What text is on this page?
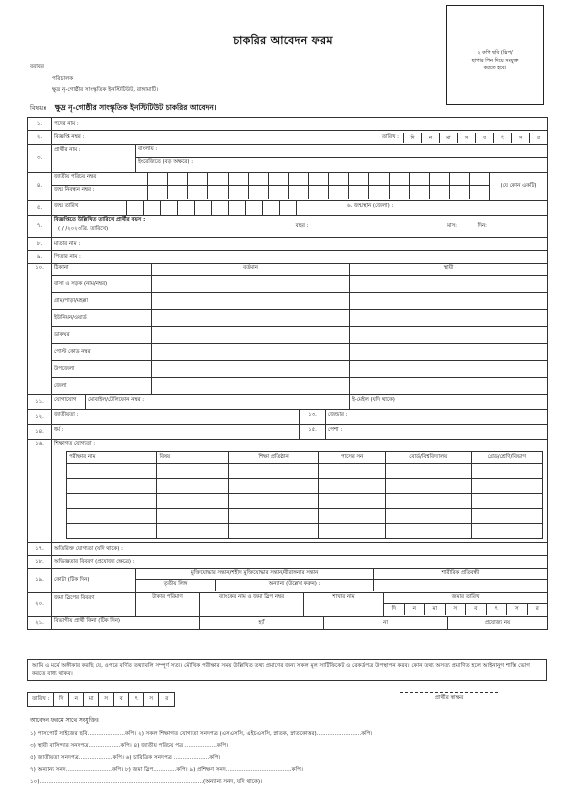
চাকরির আবেদন ফরম
২ কপি ছবি (স্লিপ/
ছাপার পিন দিয়ে সংযুক্ত
করতে হবে।
বরাবর
পরিচালক
ক্ষুদ্র নৃ-গোষ্ঠীর সাংস্কৃতিক ইনস্টিটিউট, রাঙ্গামাটি।
বিষয়ঃ ক্ষুদ্র নৃ-গোষ্ঠীর সাংস্কৃতিক ইনস্টিটিউট চাকরির আবেদন।
১.	পদের নাম :
২.	বিজ্ঞপ্তি নম্বর :	তারিখ :	দি	ন	মা	স	ব	ৎ	স	র

৩.	
প্রার্থীর নাম :	বাংলায় :
ইংরেজিতে (বড় অক্ষরে) :

৪.	
জাতীয় পরিচয় নম্বর
জন্ম নিবন্ধন নম্বর :
(যে কোন একটি)

৫.	জন্ম তারিখ	৬. জন্মস্থান (জেলা) :

৭.	
বিজ্ঞপ্তিতে উল্লিখিত তারিখে প্রার্থীর বয়স :
( / /২০২৩খ্রি. তারিখে)
বছর :	মাস:	দিন:

৮.	মাতার নাম :
৯.	পিতার নাম :
১০.	ঠিকানা
বাসা ও সড়ক (নাম/নম্বর)
গ্রাম/পাড়া/মহল্লা
ইউনিয়ন/ওয়ার্ড
ডাকঘর
পোস্ট কোড নম্বর
উপজেলা
জেলা
বর্তমান	স্থায়ী

১১.	যোগাযোগ	মোবাইল/টেলিফোন নম্বর :	ই-মেইল (যদি থাকে)

১২.	জাতীয়তা :	১৩.	জেন্ডার :

১৪.	ধর্ম :	১৫.	পেশা :

১৬.	শিক্ষাগত যোগ্যতা :
পরীক্ষার নাম	বিষয়	শিক্ষা প্রতিষ্ঠান	পাসের সন	বোর্ড/বিশ্ববিদ্যালয়	গ্রেড/শ্রেণি/বিভাগ

১৭.	অতিরিক্ত যোগ্যতা (যদি থাকে) :
১৮.	অভিজ্ঞতার বিবরণ (প্রযোজ্য ক্ষেত্রে) :
১৯.	কোটা (টিক দিন)
মুক্তিযোদ্ধার সন্তান/শহীদ মুক্তিযোদ্ধার সন্তান/বীরাঙ্গনার সন্তান	শারীরিক প্রতিবন্ধী
তৃতীয় লিঙ্গ	অন্যান্য (উল্লেখ করুন) :

২০.	
জমা স্লিপের বিবরণ	টাকার পরিমাণ	ব্যাংকের নাম ও জমা স্লিপ নম্বর	শাখার নাম	জমার তারিখ
দি	ন	মা	স	ব	ৎ	স	র

২১.	বিভাগীয় প্রার্থী কিনা (টিক দিন)	হ্যাঁ	না	প্রযোজ্য নয়
আমি এ মর্মে অঙ্গীকার করছি যে, ওপরে বর্ণিত তথ্যাবলি সম্পূর্ণ সত্য। মৌখিক পরীক্ষার সময় উল্লিখিত তথ্য প্রমাণের জন্য সকল মূল সার্টিফিকেট ও রেকর্ডপত্র উপস্থাপন করব। কোন তথ্য অসত্য প্রমাণিত হলে আইনানুগ শাস্তি ভোগ করতে বাধ্য থাকব।
তারিখ :	দি	ন	মা	স	ব	ৎ	স	র	প্রার্থীর স্বাক্ষর
আবেদন ফরমে সাথে সংযুক্তিঃ
১) পাসপোর্ট সাইজের ছবি.....................কপি। ২) সকল শিক্ষাগত যোগ্যতা সনদপত্র (এসএসসি, এইচএসসি, স্নাতক, স্নাতকোত্তর).........................কপি।
৩) স্থায়ী বাসিন্দার সনদপত্র..................কপি। ৪) জাতীয় পরিচয় পত্র ..................কপি।
৫) জাতীয়তা সনদপত্র...................কপি। ৬) চারিত্রিক সনদপত্র ....................কপি।
৭) অন্যান্য সনদ..........................কপি। ৮) জমা স্লিপ.............কপি। ৯) প্রশিক্ষণ সনদ.....................................কপি।
১০)............................................................................................(অন্যান্য সনদ, যদি থাকে)।
